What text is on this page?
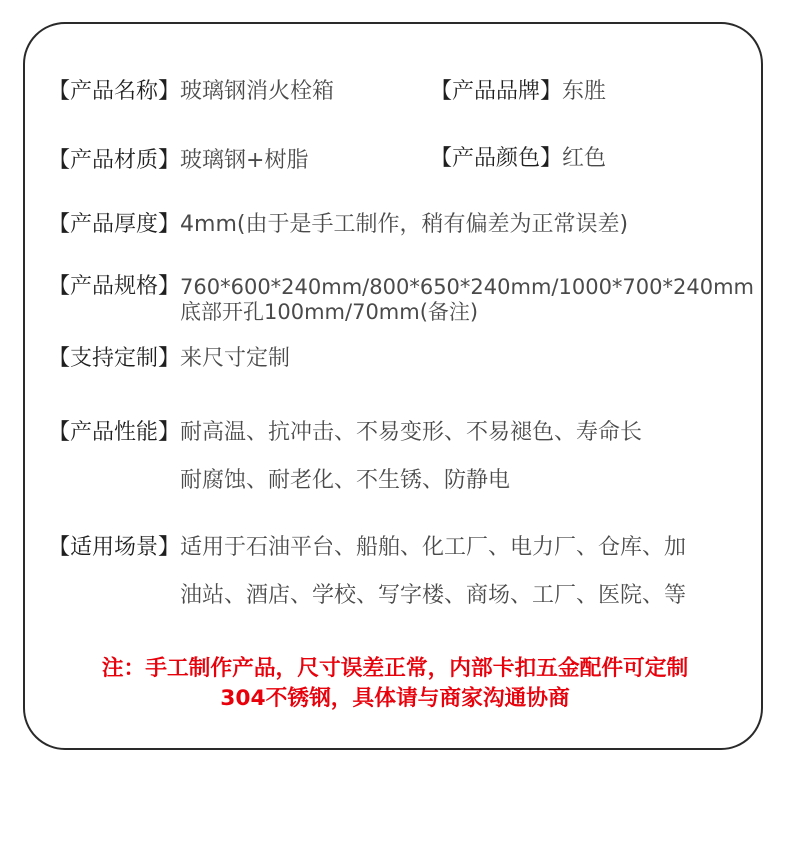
【产品名称】玻璃钢消火栓箱	【产品品牌】东胜
【产品材质】玻璃钢+树脂	【产品颜色】红色
【产品厚度】4mm(由于是手工制作，稍有偏差为正常误差)
【产品规格】 760*600*240mm/800*650*240mm/1000*700*240mm
底部开孔100mm/70mm(备注)
【支持定制】来尺寸定制
【产品性能】 耐高温、抗冲击、不易变形、不易褪色、寿命长
耐腐蚀、耐老化、不生锈、防静电
【适用场景】 适用于石油平台、船舶、化工厂、电力厂、仓库、加
油站、酒店、学校、写字楼、商场、工厂、医院、等
注：手工制作产品，尺寸误差正常，内部卡扣五金配件可定制
304不锈钢，具体请与商家沟通协商
